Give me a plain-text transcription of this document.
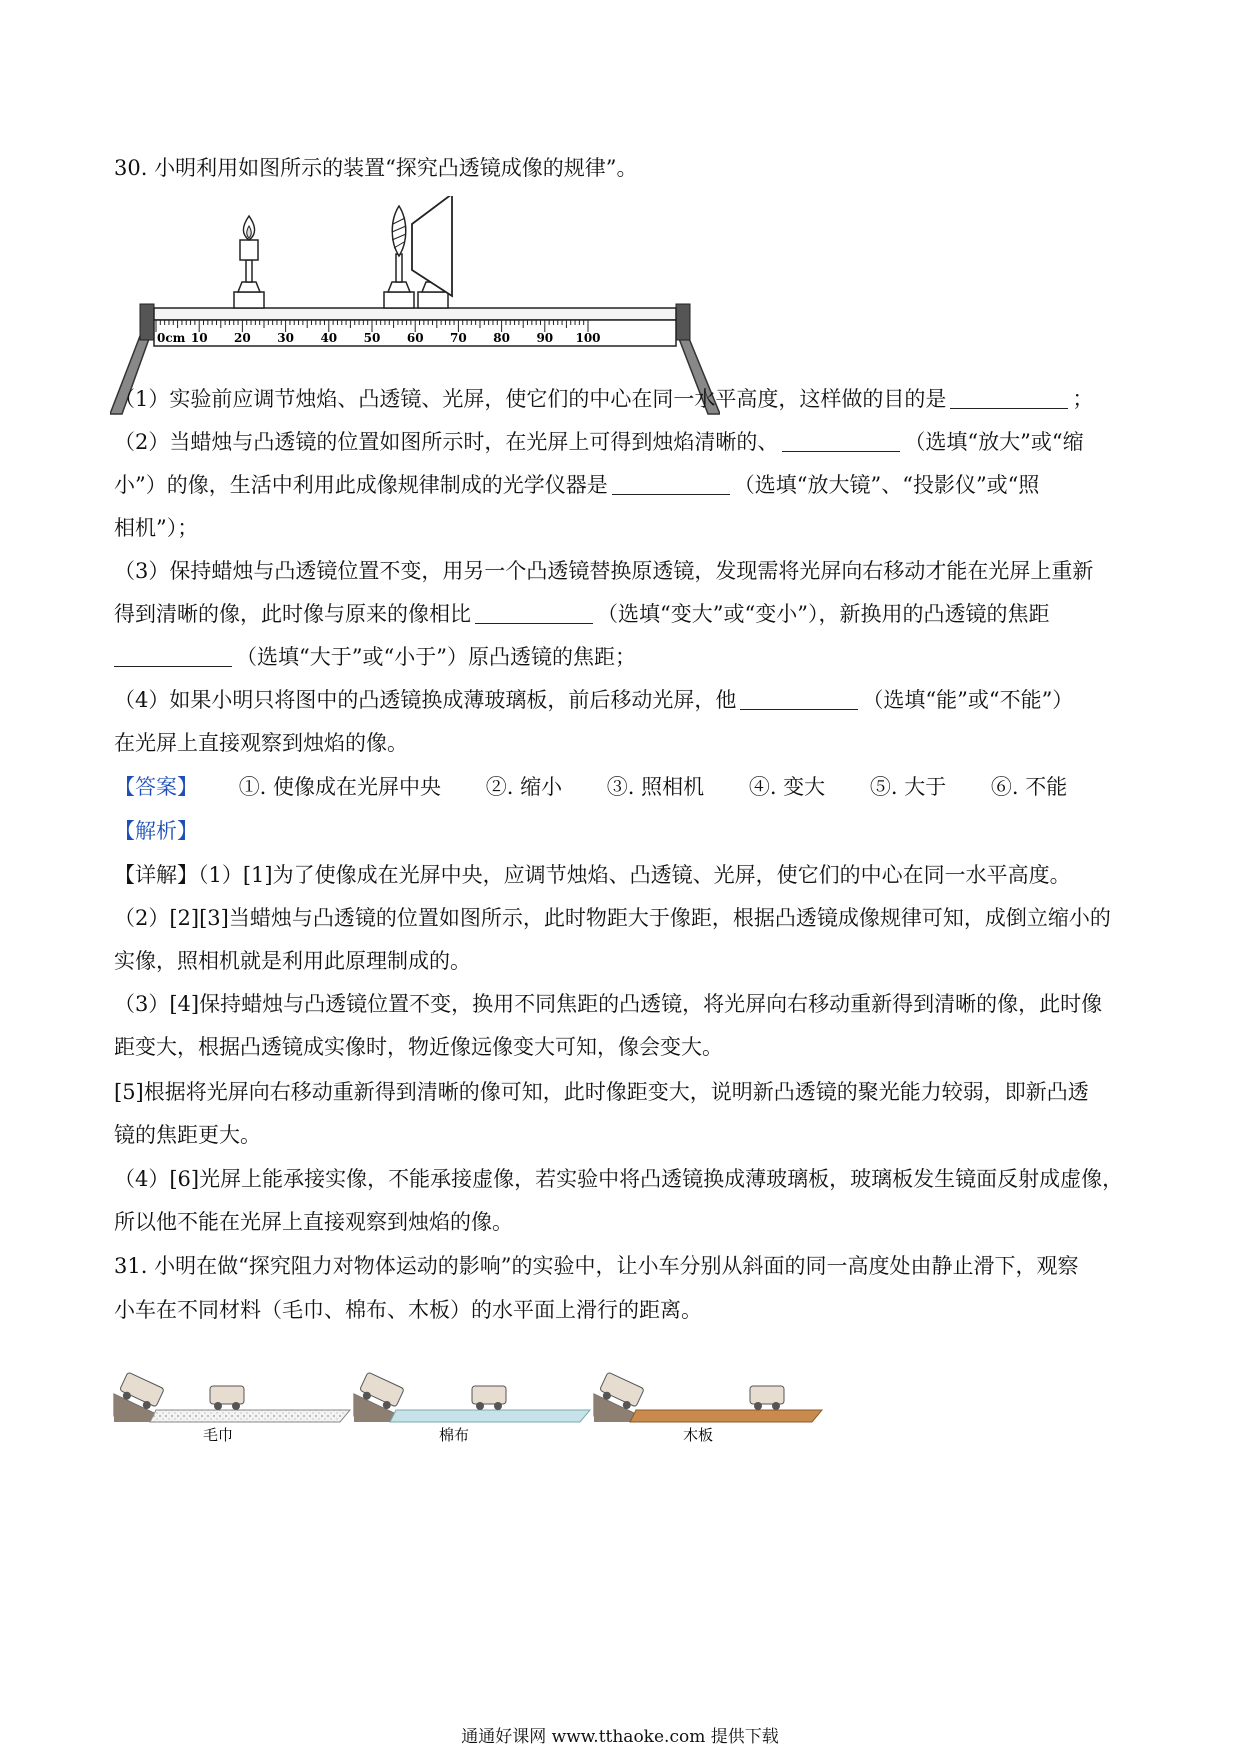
30. 小明利用如图所示的装置“探究凸透镜成像的规律”。
0cm 10 20 30 40 50 60 70 80 90 100
（1）实验前应调节烛焰、凸透镜、光屏，使它们的中心在同一水平高度，这样做的目的是	；
（2）当蜡烛与凸透镜的位置如图所示时，在光屏上可得到烛焰清晰的、	（选填“放大”或“缩
小”）的像，生活中利用此成像规律制成的光学仪器是	（选填“放大镜”、“投影仪”或“照
相机”）；
（3）保持蜡烛与凸透镜位置不变，用另一个凸透镜替换原透镜，发现需将光屏向右移动才能在光屏上重新
得到清晰的像，此时像与原来的像相比	（选填“变大”或“变小”），新换用的凸透镜的焦距
（选填“大于”或“小于”）原凸透镜的焦距；
（4）如果小明只将图中的凸透镜换成薄玻璃板，前后移动光屏，他	（选填“能”或“不能”）
在光屏上直接观察到烛焰的像。
【答案】 ①. 使像成在光屏中央 ②. 缩小 ③. 照相机 ④. 变大 ⑤. 大于 ⑥. 不能
【解析】
【详解】（1）[1]为了使像成在光屏中央，应调节烛焰、凸透镜、光屏，使它们的中心在同一水平高度。
（2）[2][3]当蜡烛与凸透镜的位置如图所示，此时物距大于像距，根据凸透镜成像规律可知，成倒立缩小的
实像，照相机就是利用此原理制成的。
（3）[4]保持蜡烛与凸透镜位置不变，换用不同焦距的凸透镜，将光屏向右移动重新得到清晰的像，此时像
距变大，根据凸透镜成实像时，物近像远像变大可知，像会变大。
[5]根据将光屏向右移动重新得到清晰的像可知，此时像距变大，说明新凸透镜的聚光能力较弱，即新凸透
镜的焦距更大。
（4）[6]光屏上能承接实像，不能承接虚像，若实验中将凸透镜换成薄玻璃板，玻璃板发生镜面反射成虚像，
所以他不能在光屏上直接观察到烛焰的像。
31. 小明在做“探究阻力对物体运动的影响”的实验中，让小车分别从斜面的同一高度处由静止滑下，观察
小车在不同材料（毛巾、棉布、木板）的水平面上滑行的距离。
毛巾	棉布	木板
通通好课网 www.tthaoke.com 提供下载
